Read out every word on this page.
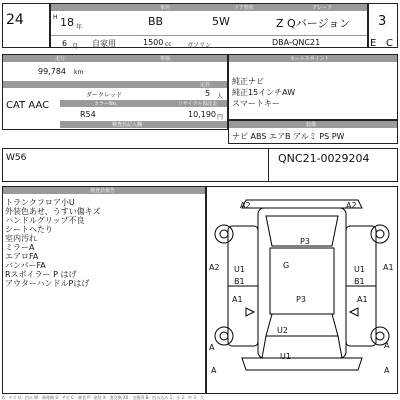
24
車名	ドア形状	グレード
H 18 年	BB	5W	Z Qバージョン
6 月 自家用	1500 cc	ガソリン	DBA-QNC21
3
E C
走行	車検
99,784 km
定員
CAT AAC
ダークレッド	5 人
カラーNo.	リサイクル預託金
R54	10,190 円
検査員記入欄
セールスポイント
純正ナビ
純正15インチAW
スマートキー
装備
ナビ ABS エアB アルミ PS PW
W56	QNC21-0029204
検査員報告
トランクフロア小U
外装色あせ、うすい傷キズ
ハンドルグリップ不良
シートへたり
室内汚れ
ミラーA
エアロFA
バンパーFA
Rスポイラー P はげ
アウターハンドルPはげ
A2	A2
P3
A2	A1
U1	G	U1
B1	B1
P3
A1	A1
U2
A	A
A	A
U1
A：キズ U：凹み W：修理跡 S：サビ C：腐食 P：塗装 X：要交換 XX：交換済 B：凹み込み 1：小 2：中 3：大
